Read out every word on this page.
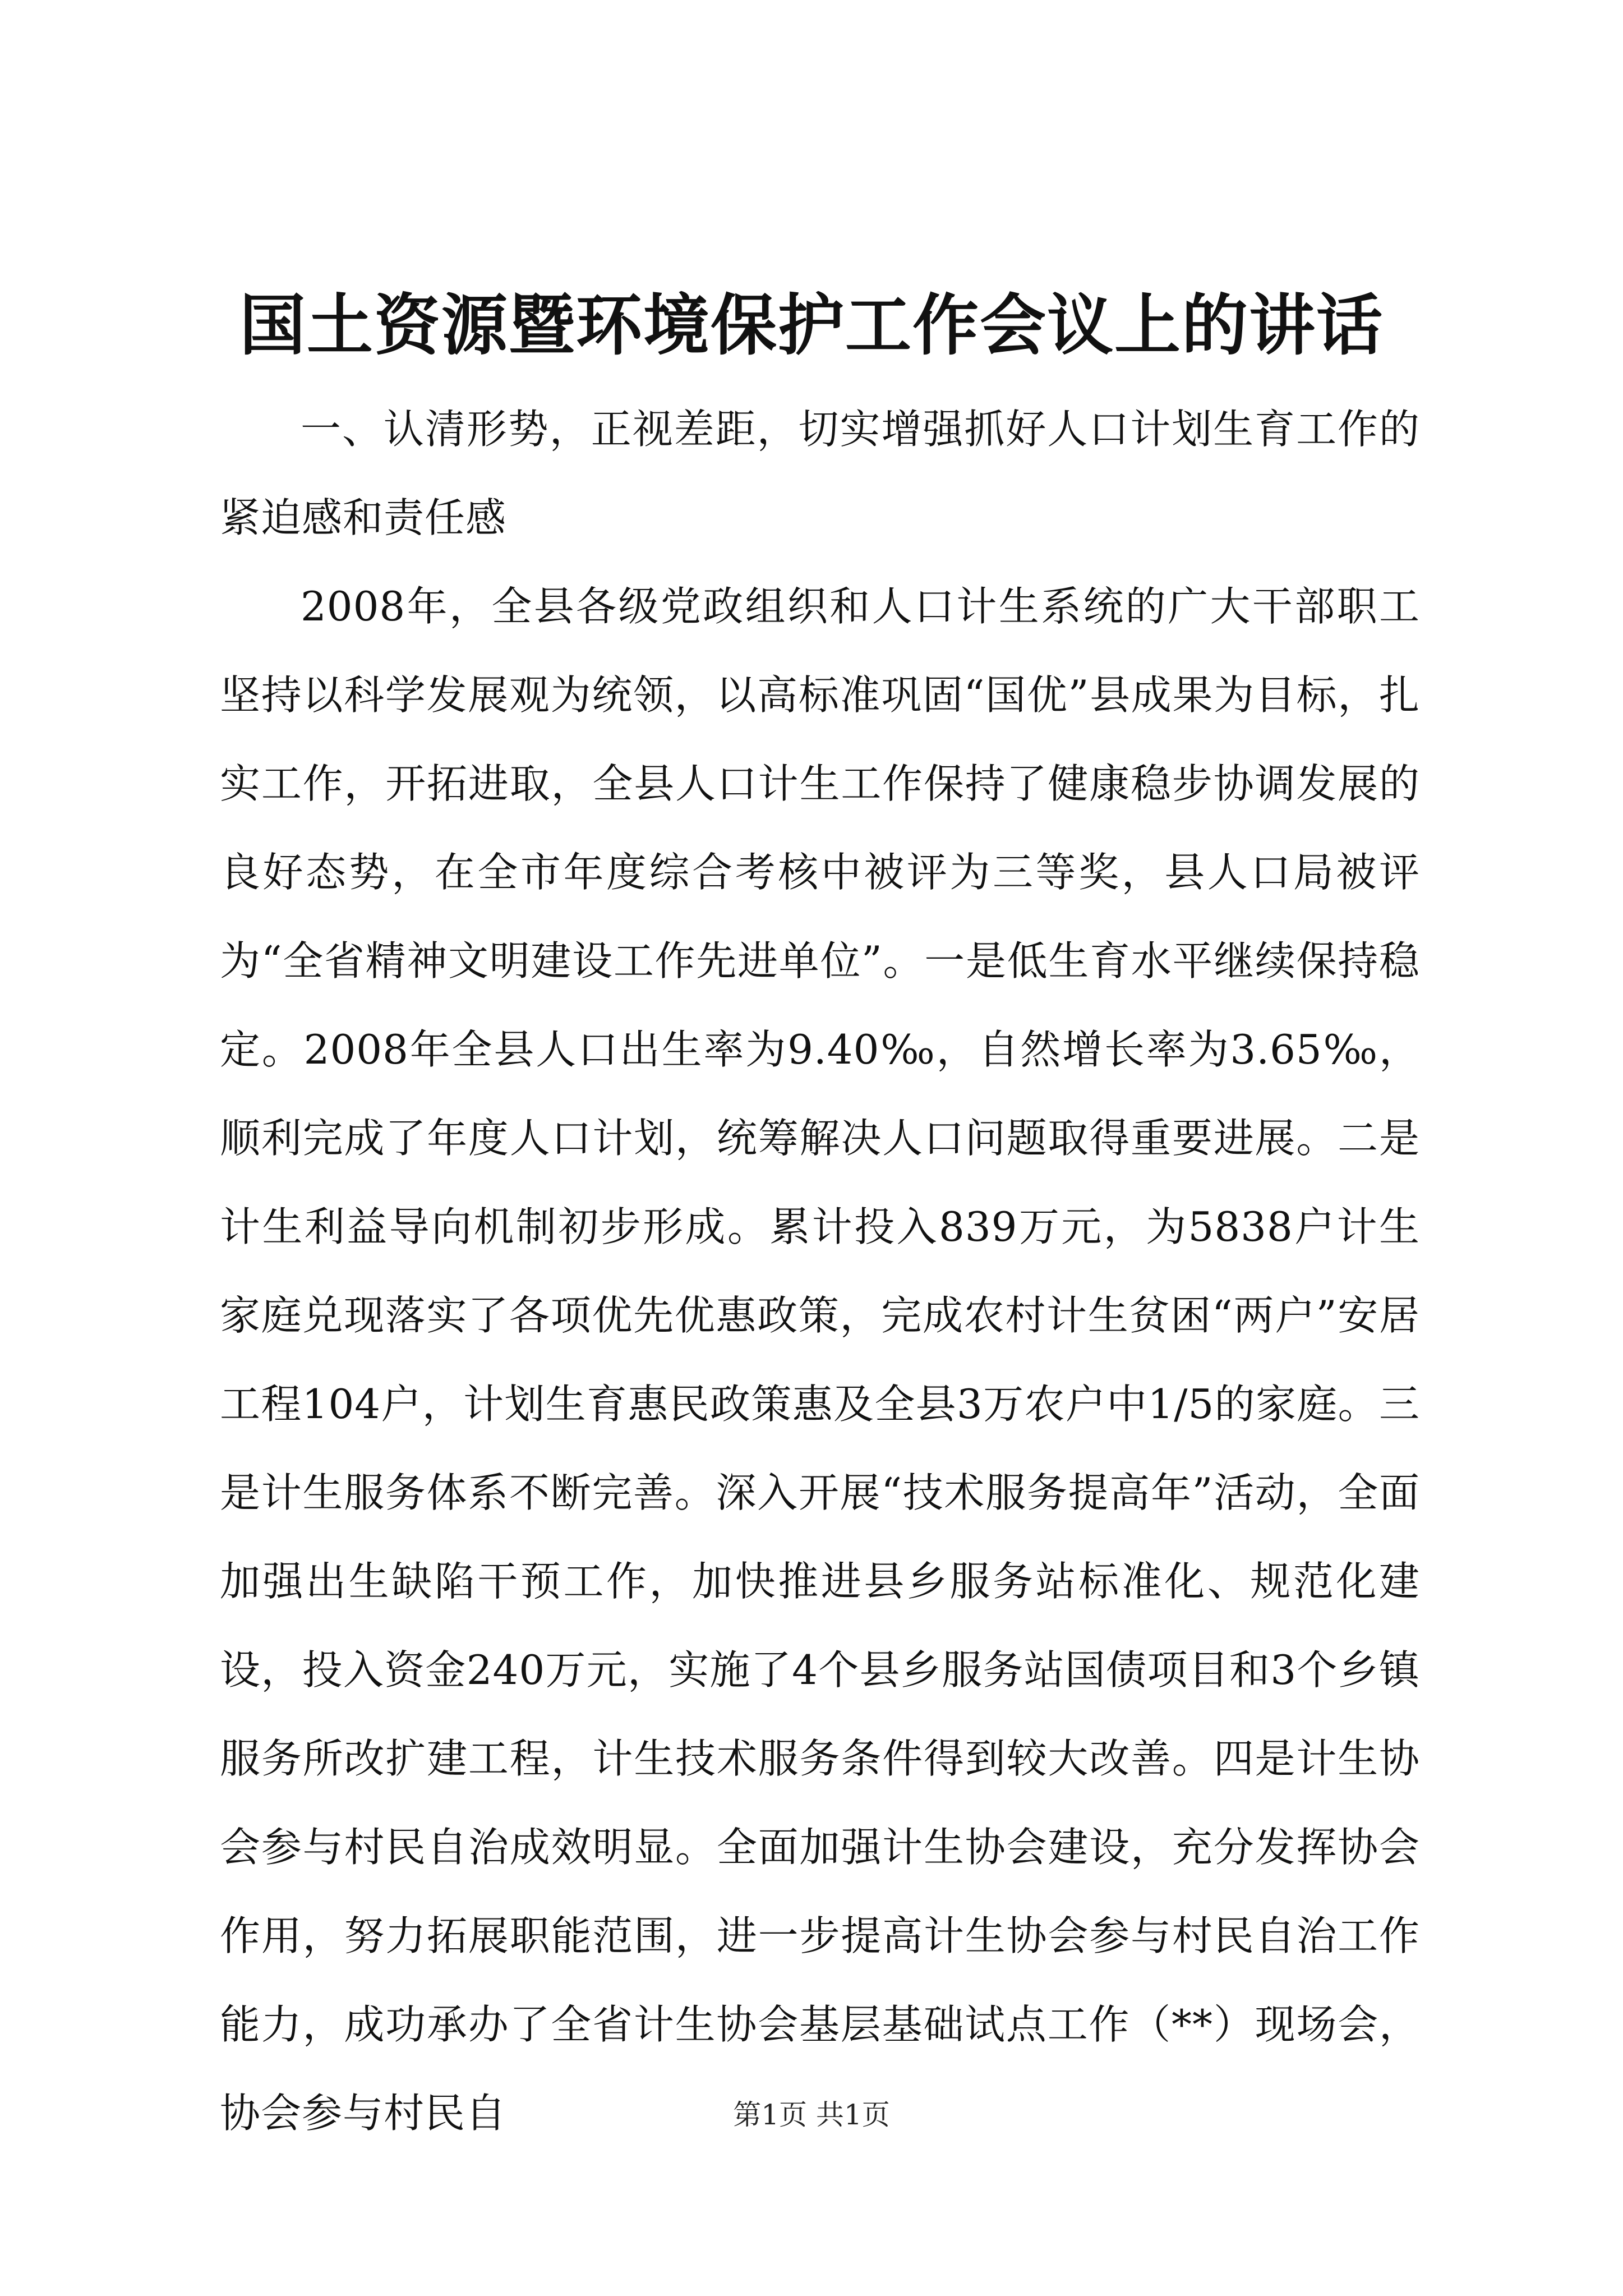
国土资源暨环境保护工作会议上的讲话

一、认清形势，正视差距，切实增强抓好人口计划生育工作的紧迫感和责任感

2008年，全县各级党政组织和人口计生系统的广大干部职工坚持以科学发展观为统领，以高标准巩固“国优”县成果为目标，扎实工作，开拓进取，全县人口计生工作保持了健康稳步协调发展的良好态势，在全市年度综合考核中被评为三等奖，县人口局被评为“全省精神文明建设工作先进单位”。一是低生育水平继续保持稳定。2008年全县人口出生率为9.40‰，自然增长率为3.65‰，顺利完成了年度人口计划，统筹解决人口问题取得重要进展。二是计生利益导向机制初步形成。累计投入839万元，为5838户计生家庭兑现落实了各项优先优惠政策，完成农村计生贫困“两户”安居工程104户，计划生育惠民政策惠及全县3万农户中1/5的家庭。三是计生服务体系不断完善。深入开展“技术服务提高年”活动，全面加强出生缺陷干预工作，加快推进县乡服务站标准化、规范化建设，投入资金240万元，实施了4个县乡服务站国债项目和3个乡镇服务所改扩建工程，计生技术服务条件得到较大改善。四是计生协会参与村民自治成效明显。全面加强计生协会建设，充分发挥协会作用，努力拓展职能范围，进一步提高计生协会参与村民自治工作能力，成功承办了全省计生协会基层基础试点工作（**）现场会，协会参与村民自	第1页 共1页
